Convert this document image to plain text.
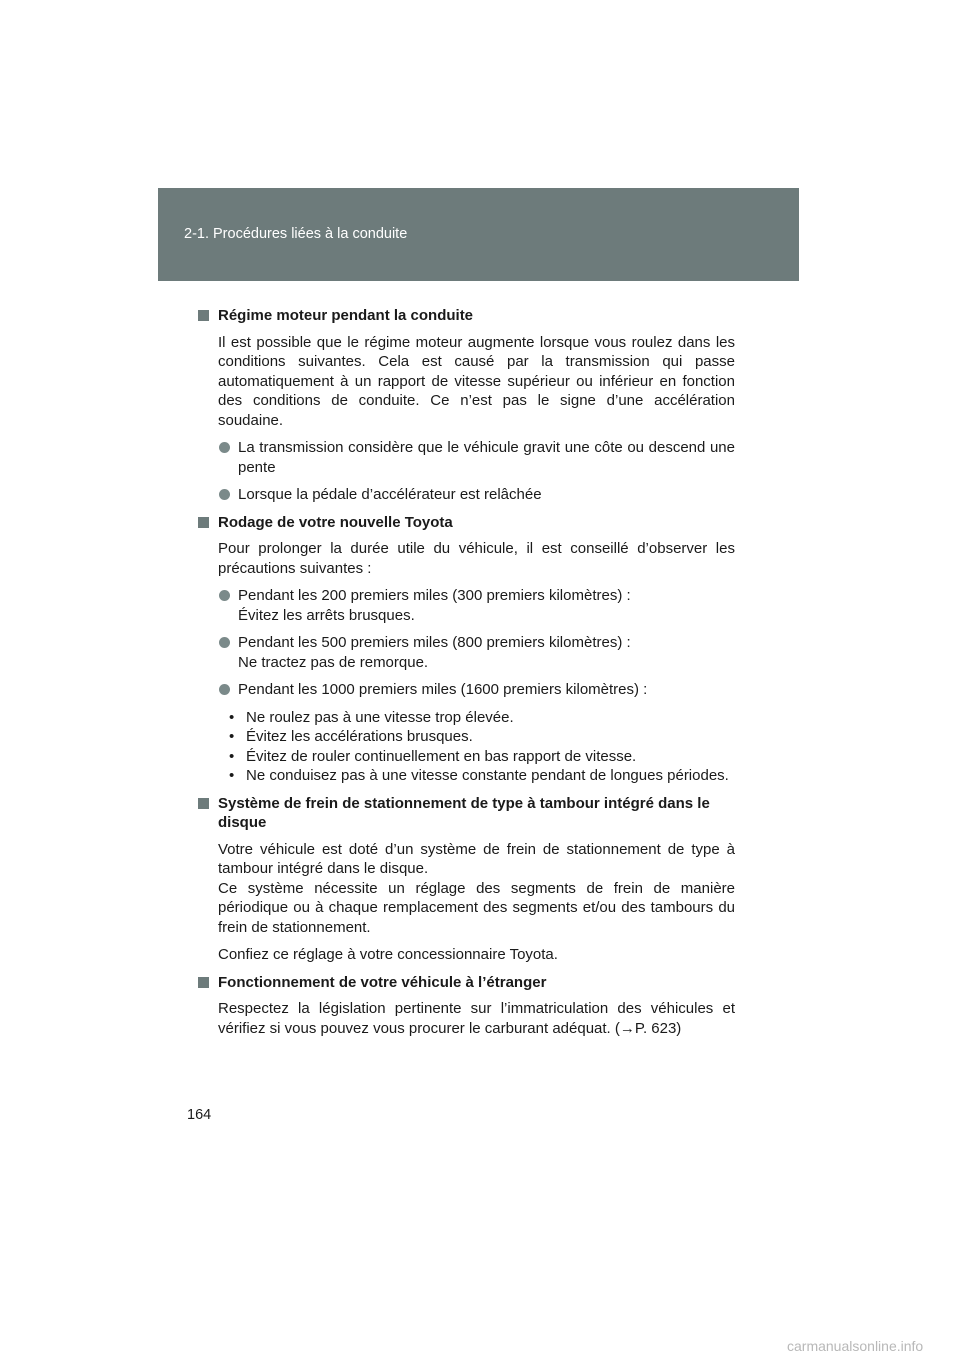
2-1. Procédures liées à la conduite

Régime moteur pendant la conduite

Il est possible que le régime moteur augmente lorsque vous roulez dans les conditions suivantes. Cela est causé par la transmission qui passe automatiquement à un rapport de vitesse supérieur ou inférieur en fonction des conditions de conduite. Ce n’est pas le signe d’une accélération soudaine.

La transmission considère que le véhicule gravit une côte ou descend une pente

Lorsque la pédale d’accélérateur est relâchée

Rodage de votre nouvelle Toyota

Pour prolonger la durée utile du véhicule, il est conseillé d’observer les précautions suivantes :

Pendant les 200 premiers miles (300 premiers kilomètres) :
Évitez les arrêts brusques.

Pendant les 500 premiers miles (800 premiers kilomètres) :
Ne tractez pas de remorque.

Pendant les 1000 premiers miles (1600 premiers kilomètres) :

• Ne roulez pas à une vitesse trop élevée.

• Évitez les accélérations brusques.

• Évitez de rouler continuellement en bas rapport de vitesse.

• Ne conduisez pas à une vitesse constante pendant de longues périodes.

Système de frein de stationnement de type à tambour intégré dans le disque

Votre véhicule est doté d’un système de frein de stationnement de type à tambour intégré dans le disque.

Ce système nécessite un réglage des segments de frein de manière périodique ou à chaque remplacement des segments et/ou des tambours du frein de stationnement.

Confiez ce réglage à votre concessionnaire Toyota.

Fonctionnement de votre véhicule à l’étranger

Respectez la législation pertinente sur l’immatriculation des véhicules et vérifiez si vous pouvez vous procurer le carburant adéquat. (→P. 623)

164
carmanualsonline.info
